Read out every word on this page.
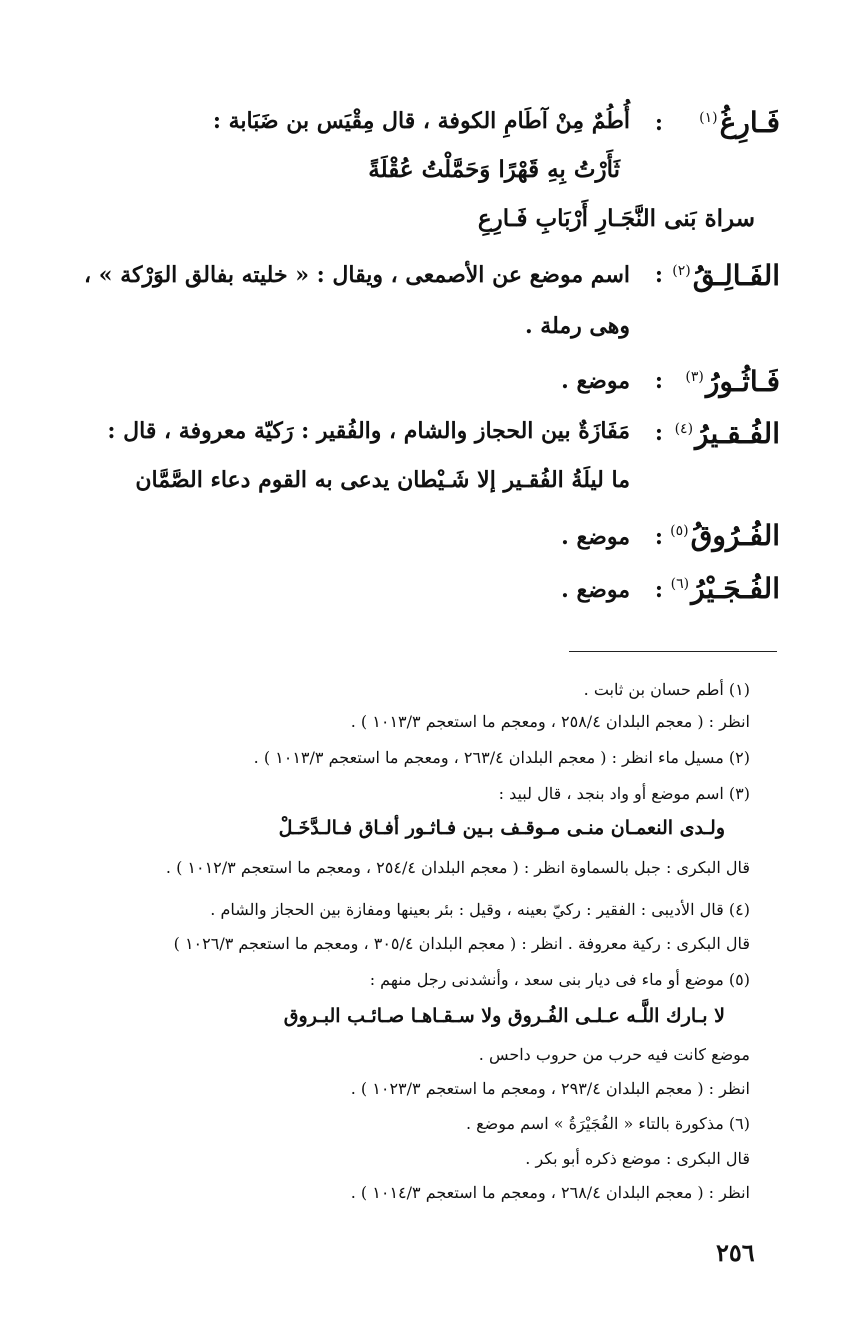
فَـارِغُ$^{(١)}$
:
أُطُمٌ مِنْ آطَامِ الكوفة ، قال مِقْيَس بن ضَبَابة :
ثَأَرْتُ بِهِ قَهْرًا وَحَمَّلْتُ عُقْلَةً
سراة بَنى النَّجَـارِ أَرْبَابِ فَـارِعِ
الفَـالِـقُ$^{(٢)}$
:
اسم موضع عن الأصمعى ، ويقال : « خليته بفالق الوَرْكة » ،
وهى رملة .
فَـاثُـورُ$^{(٣)}$
:
موضع .
الفُـقـيرُ$^{(٤)}$
:
مَفَازَةٌ بين الحجاز والشام ، والفُقير : رَكيّة معروفة ، قال :
ما ليلَةُ الفُقـير إلا شَـيْطان يدعى به القوم دعاء الصَّمَّان
الفُـرُوقُ$^{(٥)}$
:
موضع .
الفُـجَـيْرُ$^{(٦)}$
:
موضع .
(١) أطم حسان بن ثابت .
انظر : ( معجم البلدان ٢٥٨/٤ ، ومعجم ما استعجم ١٠١٣/٣ ) .
(٢) مسيل ماء انظر : ( معجم البلدان ٢٦٣/٤ ، ومعجم ما استعجم ١٠١٣/٣ ) .
(٣) اسم موضع أو واد بنجد ، قال لبيد :
ولـدى النعمـان منـى مـوقـف بـين فـاثـور أفـاق فـالـدَّخَـلْ
قال البكرى : جبل بالسماوة انظر : ( معجم البلدان ٢٥٤/٤ ، ومعجم ما استعجم ١٠١٢/٣ ) .
(٤) قال الأديبى : الفقير : ركيّ بعينه ، وقيل : بئر بعينها ومفازة بين الحجاز والشام .
قال البكرى : ركية معروفة . انظر : ( معجم البلدان ٣٠٥/٤ ، ومعجم ما استعجم ١٠٢٦/٣ )
(٥) موضع أو ماء فى ديار بنى سعد ، وأنشدنى رجل منهم :
لا بـارك اللَّـه عـلـى الفُـروق ولا سـقـاهـا صـائـب البـروق
موضع كانت فيه حرب من حروب داحس .
انظر : ( معجم البلدان ٢٩٣/٤ ، ومعجم ما استعجم ١٠٢٣/٣ ) .
(٦) مذكورة بالتاء « الفُجَيْرَةُ » اسم موضع .
قال البكرى : موضع ذكره أبو بكر .
انظر : ( معجم البلدان ٢٦٨/٤ ، ومعجم ما استعجم ١٠١٤/٣ ) .
٢٥٦
